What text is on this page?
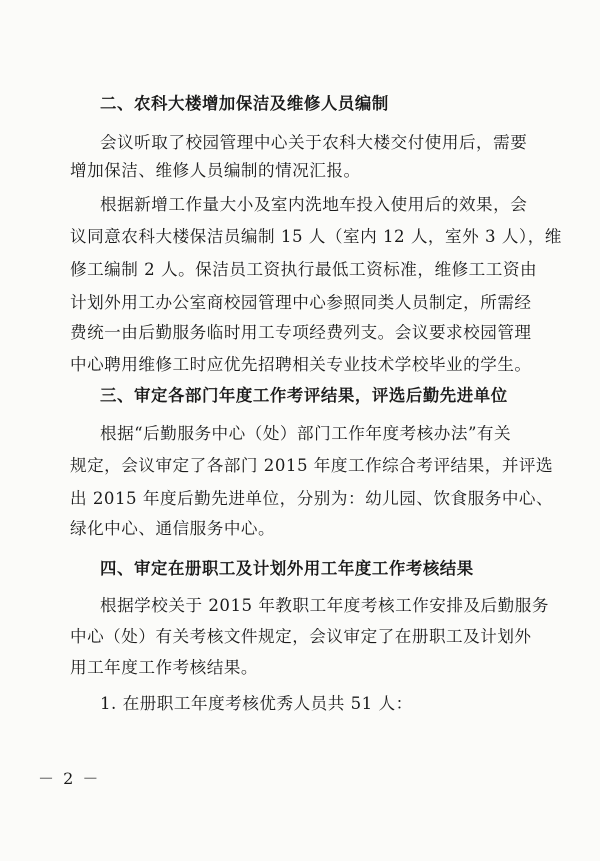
二、农科大楼增加保洁及维修人员编制
会议听取了校园管理中心关于农科大楼交付使用后，需要
增加保洁、维修人员编制的情况汇报。
根据新增工作量大小及室内洗地车投入使用后的效果，会
议同意农科大楼保洁员编制 15 人（室内 12 人，室外 3 人），维
修工编制 2 人。保洁员工资执行最低工资标准，维修工工资由
计划外用工办公室商校园管理中心参照同类人员制定，所需经
费统一由后勤服务临时用工专项经费列支。会议要求校园管理
中心聘用维修工时应优先招聘相关专业技术学校毕业的学生。
三、审定各部门年度工作考评结果，评选后勤先进单位
根据“后勤服务中心（处）部门工作年度考核办法”有关
规定，会议审定了各部门 2015 年度工作综合考评结果，并评选
出 2015 年度后勤先进单位，分别为：幼儿园、饮食服务中心、
绿化中心、通信服务中心。
四、审定在册职工及计划外用工年度工作考核结果
根据学校关于 2015 年教职工年度考核工作安排及后勤服务
中心（处）有关考核文件规定，会议审定了在册职工及计划外
用工年度工作考核结果。
1. 在册职工年度考核优秀人员共 51 人：
－ 2 －
